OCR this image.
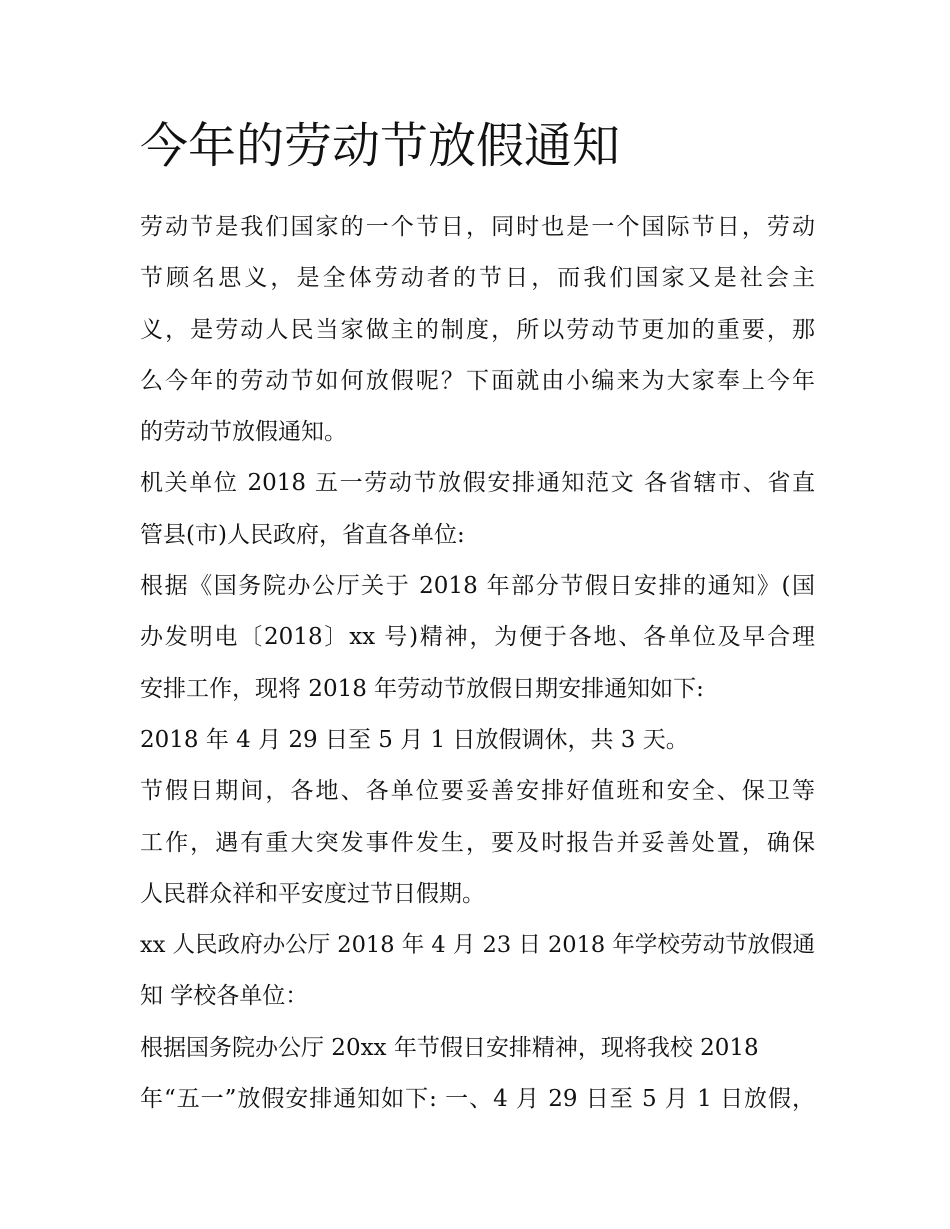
今年的劳动节放假通知
劳动节是我们国家的一个节日，同时也是一个国际节日，劳动
节顾名思义，是全体劳动者的节日，而我们国家又是社会主
义，是劳动人民当家做主的制度，所以劳动节更加的重要，那
么今年的劳动节如何放假呢？下面就由小编来为大家奉上今年
的劳动节放假通知。
机关单位 2018 五一劳动节放假安排通知范文 各省辖市、省直
管县(市)人民政府，省直各单位:
根据《国务院办公厅关于 2018 年部分节假日安排的通知》(国
办发明电〔2018〕xx 号)精神，为便于各地、各单位及早合理
安排工作，现将 2018 年劳动节放假日期安排通知如下:
2018 年 4 月 29 日至 5 月 1 日放假调休，共 3 天。
节假日期间，各地、各单位要妥善安排好值班和安全、保卫等
工作，遇有重大突发事件发生，要及时报告并妥善处置，确保
人民群众祥和平安度过节日假期。
xx 人民政府办公厅 2018 年 4 月 23 日 2018 年学校劳动节放假通
知 学校各单位：
根据国务院办公厅 20xx 年节假日安排精神，现将我校 2018
年“五一”放假安排通知如下: 一、4 月 29 日至 5 月 1 日放假，
